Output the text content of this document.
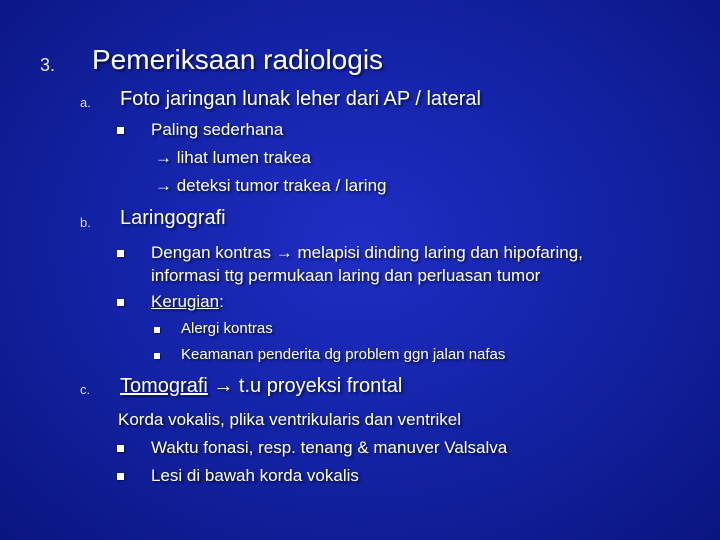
3. Pemeriksaan radiologis
a. Foto jaringan lunak leher dari AP / lateral
Paling sederhana
→ lihat lumen trakea
→ deteksi tumor trakea / laring
b. Laringografi
Dengan kontras → melapisi dinding laring dan hipofaring,
informasi ttg permukaan laring dan perluasan tumor
Kerugian:
Alergi kontras
Keamanan penderita dg problem ggn jalan nafas
c. Tomografi → t.u proyeksi frontal
Korda vokalis, plika ventrikularis dan ventrikel
Waktu fonasi, resp. tenang & manuver Valsalva
Lesi di bawah korda vokalis
